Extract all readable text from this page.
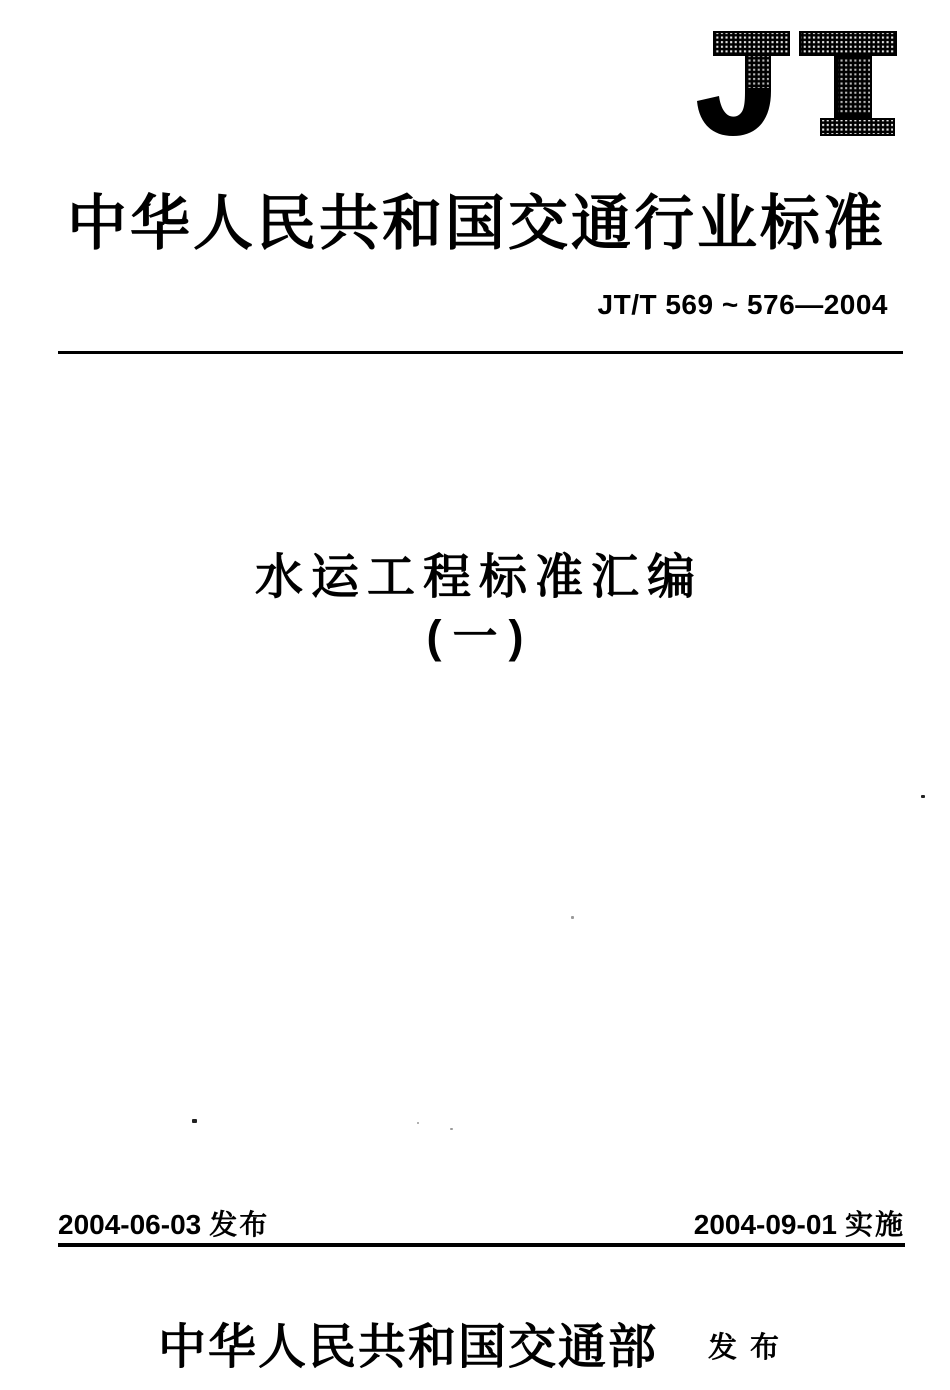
中华人民共和国交通行业标准
JT/T 569 ~ 576—2004
水运工程标准汇编
(一)
2004-06-03 发布	2004-09-01 实施
中华人民共和国交通部 发布
